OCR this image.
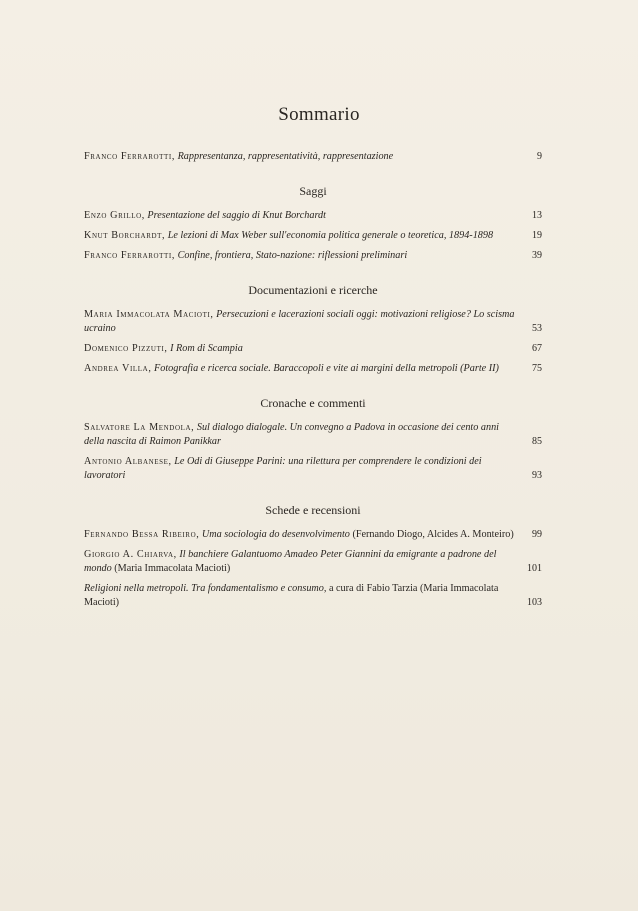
Sommario
Franco Ferrarotti, Rappresentanza, rappresentatività, rappresentazione	9
Saggi
Enzo Grillo, Presentazione del saggio di Knut Borchardt	13
Knut Borchardt, Le lezioni di Max Weber sull'economia politica generale o teoretica, 1894-1898	19
Franco Ferrarotti, Confine, frontiera, Stato-nazione: riflessioni preliminari	39
Documentazioni e ricerche
Maria Immacolata Macioti, Persecuzioni e lacerazioni sociali oggi: motivazioni religiose? Lo scisma ucraino	53
Domenico Pizzuti, I Rom di Scampia	67
Andrea Villa, Fotografia e ricerca sociale. Baraccopoli e vite ai margini della metropoli (Parte II)	75
Cronache e commenti
Salvatore La Mendola, Sul dialogo dialogale. Un convegno a Padova in occasione dei cento anni della nascita di Raimon Panikkar	85
Antonio Albanese, Le Odi di Giuseppe Parini: una rilettura per comprendere le condizioni dei lavoratori	93
Schede e recensioni
Fernando Bessa Ribeiro, Uma sociologia do desenvolvimento (Fernando Diogo, Alcides A. Monteiro) 99
Giorgio A. Chiarva, Il banchiere Galantuomo Amadeo Peter Giannini da emigrante a padrone del mondo (Maria Immacolata Macioti)	101
Religioni nella metropoli. Tra fondamentalismo e consumo, a cura di Fabio Tarzia (Maria Immacolata Macioti)	103
